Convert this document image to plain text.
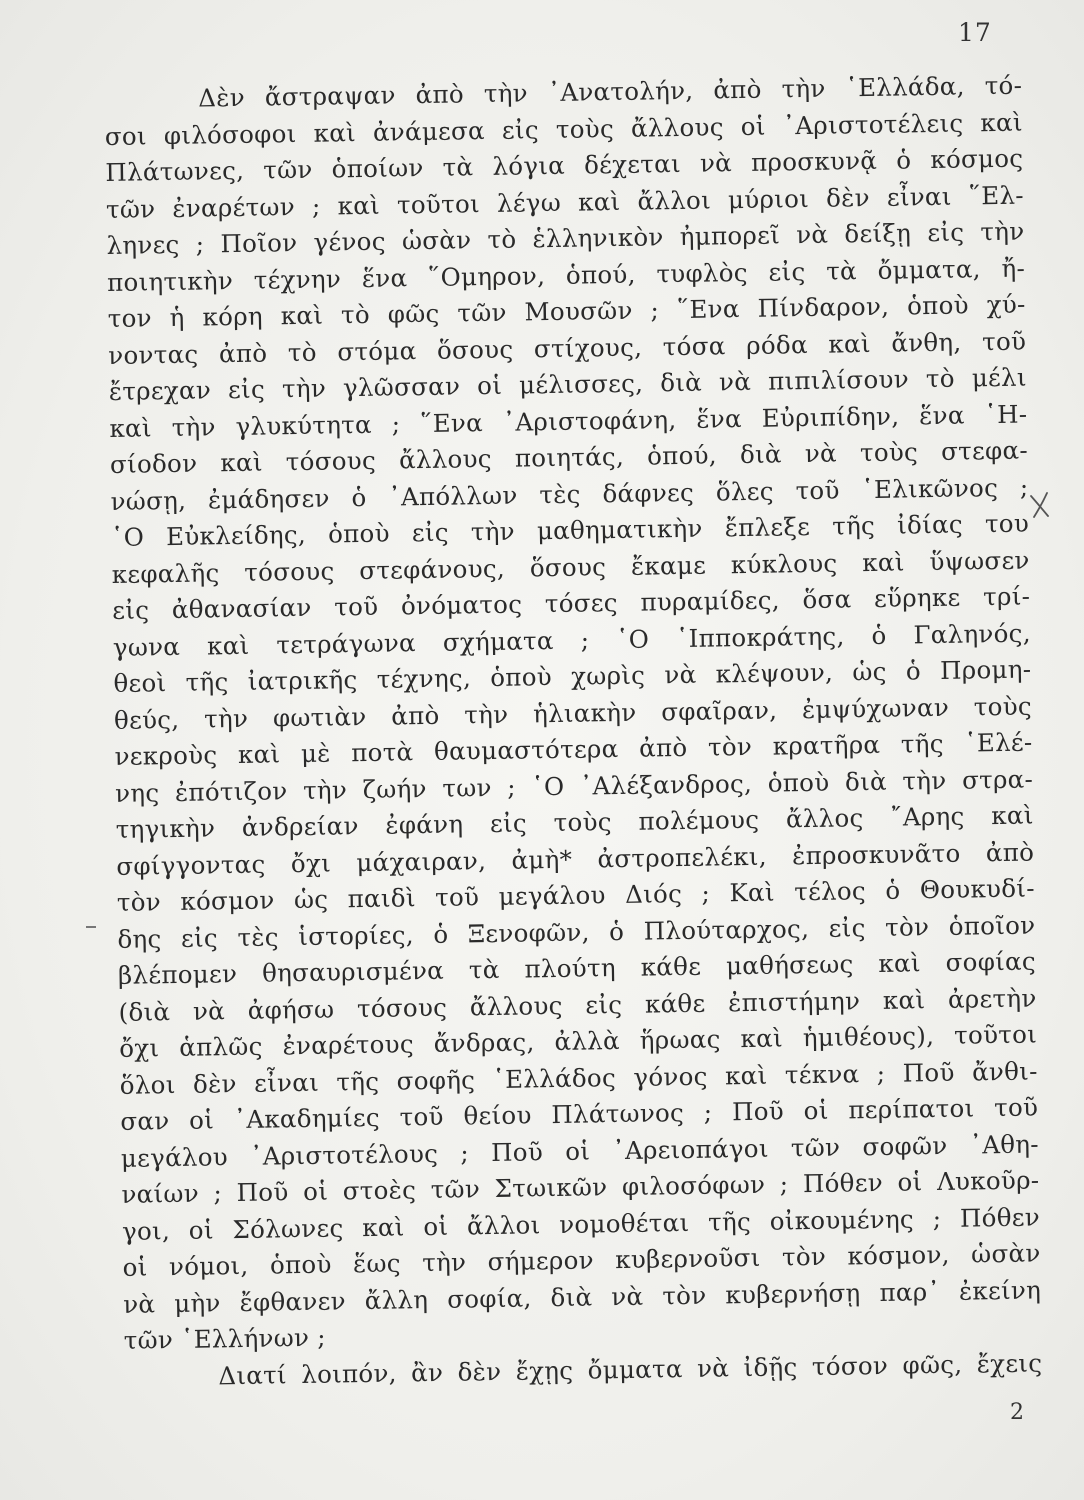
17
Δὲν ἄστραψαν ἀπὸ τὴν ᾿Ανατολήν, ἀπὸ τὴν ῾Ελλάδα, τό-
σοι φιλόσοφοι καὶ ἀνάμεσα εἰς τοὺς ἄλλους οἱ ᾿Αριστοτέλεις καὶ
Πλάτωνες, τῶν ὁποίων τὰ λόγια δέχεται νὰ προσκυνᾷ ὁ κόσμος
τῶν ἐναρέτων ; καὶ τοῦτοι λέγω καὶ ἄλλοι μύριοι δὲν εἶναι ῞Ελ-
ληνες ; Ποῖον γένος ὡσὰν τὸ ἑλληνικὸν ἠμπορεῖ νὰ δείξῃ εἰς τὴν
ποιητικὴν τέχνην ἕνα ῞Ομηρον, ὁπού, τυφλὸς εἰς τὰ ὄμματα, ἤ-
τον ἡ κόρη καὶ τὸ φῶς τῶν Μουσῶν ; ῞Ενα Πίνδαρον, ὁποὺ χύ-
νοντας ἀπὸ τὸ στόμα ὅσους στίχους, τόσα ρόδα καὶ ἄνθη, τοῦ
ἔτρεχαν εἰς τὴν γλῶσσαν οἱ μέλισσες, διὰ νὰ πιπιλίσουν τὸ μέλι
καὶ τὴν γλυκύτητα ; ῞Ενα ᾿Αριστοφάνη, ἕνα Εὐριπίδην, ἕνα ῾Η-
σίοδον καὶ τόσους ἄλλους ποιητάς, ὁπού, διὰ νὰ τοὺς στεφα-
νώσῃ, ἐμάδησεν ὁ ᾿Απόλλων τὲς δάφνες ὅλες τοῦ ῾Ελικῶνος ;
῾Ο Εὐκλείδης, ὁποὺ εἰς τὴν μαθηματικὴν ἔπλεξε τῆς ἰδίας του
κεφαλῆς τόσους στεφάνους, ὅσους ἔκαμε κύκλους καὶ ὕψωσεν
εἰς ἀθανασίαν τοῦ ὀνόματος τόσες πυραμίδες, ὅσα εὕρηκε τρί-
γωνα καὶ τετράγωνα σχήματα ; ῾Ο ῾Ιπποκράτης, ὁ Γαληνός,
θεοὶ τῆς ἰατρικῆς τέχνης, ὁποὺ χωρὶς νὰ κλέψουν, ὡς ὁ Προμη-
θεύς, τὴν φωτιὰν ἀπὸ τὴν ἡλιακὴν σφαῖραν, ἐμψύχωναν τοὺς
νεκροὺς καὶ μὲ ποτὰ θαυμαστότερα ἀπὸ τὸν κρατῆρα τῆς ῾Ελέ-
νης ἐπότιζον τὴν ζωήν των ; ῾Ο ᾿Αλέξανδρος, ὁποὺ διὰ τὴν στρα-
τηγικὴν ἀνδρείαν ἐφάνη εἰς τοὺς πολέμους ἄλλος ῎Αρης καὶ
σφίγγοντας ὄχι μάχαιραν, ἀμὴ* ἀστροπελέκι, ἐπροσκυνᾶτο ἀπὸ
τὸν κόσμον ὡς παιδὶ τοῦ μεγάλου Διός ; Καὶ τέλος ὁ Θουκυδί-
δης εἰς τὲς ἱστορίες, ὁ Ξενοφῶν, ὁ Πλούταρχος, εἰς τὸν ὁποῖον
βλέπομεν θησαυρισμένα τὰ πλούτη κάθε μαθήσεως καὶ σοφίας
(διὰ νὰ ἀφήσω τόσους ἄλλους εἰς κάθε ἐπιστήμην καὶ ἀρετὴν
ὄχι ἁπλῶς ἐναρέτους ἄνδρας, ἀλλὰ ἥρωας καὶ ἡμιθέους), τοῦτοι
ὅλοι δὲν εἶναι τῆς σοφῆς ῾Ελλάδος γόνος καὶ τέκνα ; Ποῦ ἄνθι-
σαν οἱ ᾿Ακαδημίες τοῦ θείου Πλάτωνος ; Ποῦ οἱ περίπατοι τοῦ
μεγάλου ᾿Αριστοτέλους ; Ποῦ οἱ ᾿Αρειοπάγοι τῶν σοφῶν ᾿Αθη-
ναίων ; Ποῦ οἱ στοὲς τῶν Στωικῶν φιλοσόφων ; Πόθεν οἱ Λυκοῦρ-
γοι, οἱ Σόλωνες καὶ οἱ ἄλλοι νομοθέται τῆς οἰκουμένης ; Πόθεν
οἱ νόμοι, ὁποὺ ἕως τὴν σήμερον κυβερνοῦσι τὸν κόσμον, ὡσὰν
νὰ μὴν ἔφθανεν ἄλλη σοφία, διὰ νὰ τὸν κυβερνήσῃ παρ᾿ ἐκείνη
τῶν ῾Ελλήνων ;
Διατί λοιπόν, ἂν δὲν ἔχῃς ὄμματα νὰ ἰδῇς τόσον φῶς, ἔχεις
2
